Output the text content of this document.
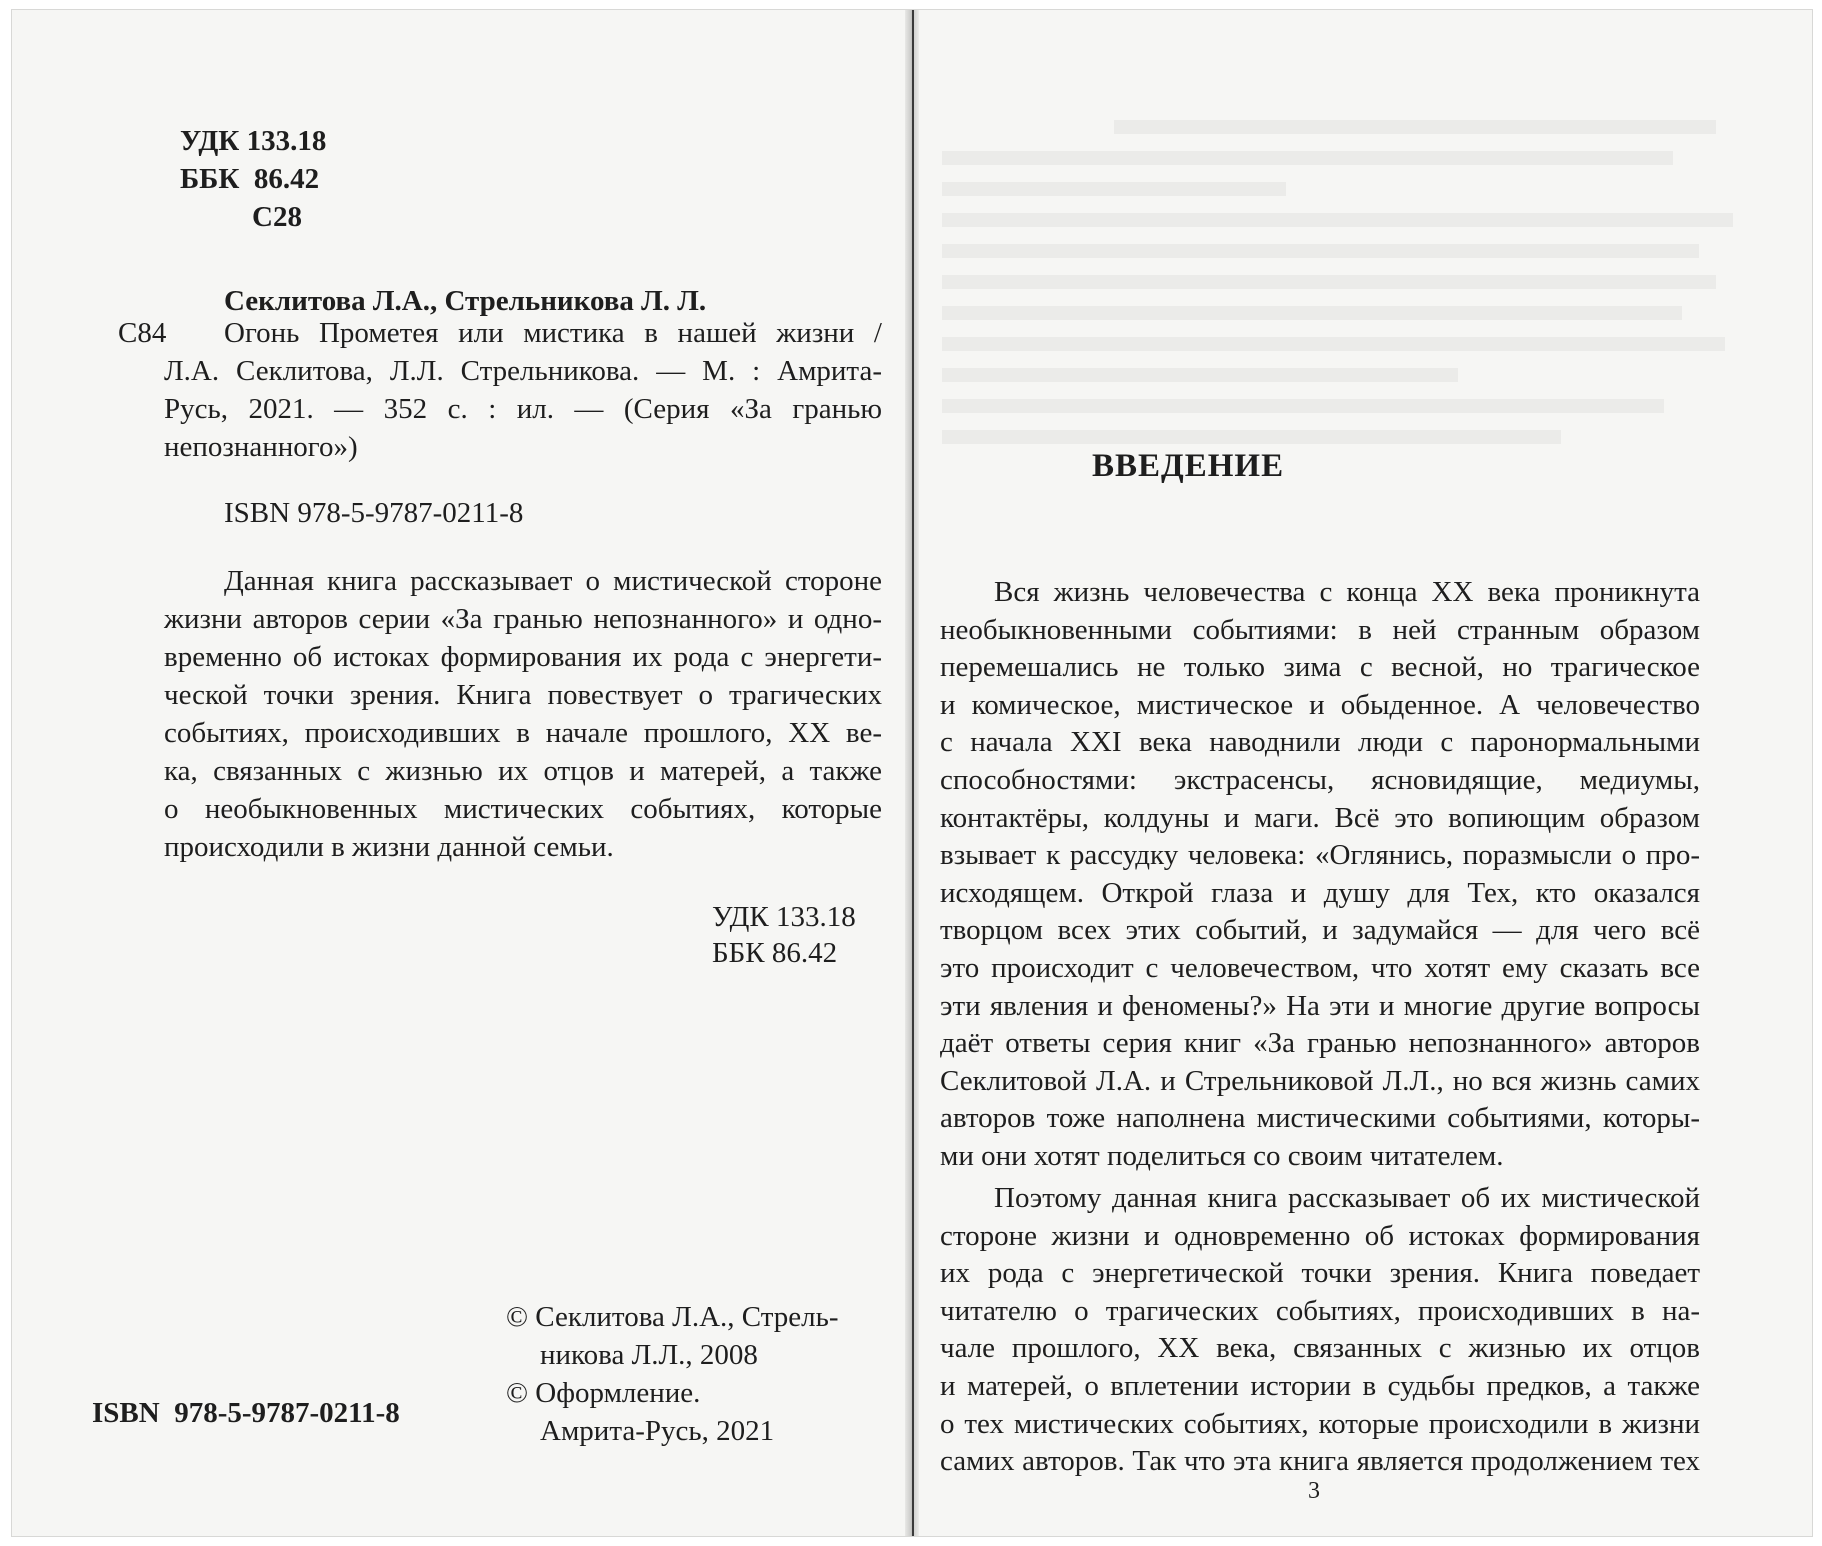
УДК 133.18
ББК  86.42
С28
Секлитова Л.А., Стрельникова Л. Л.
С84	Огонь Прометея или мистика в нашей жизни /
Л.А. Секлитова, Л.Л. Стрельникова. — М. : Амрита-
Русь, 2021. — 352 с. : ил. — (Серия «За гранью
непознанного»)
ISBN 978-5-9787-0211-8
Данная книга рассказывает о мистической стороне
жизни авторов серии «За гранью непознанного» и одно-
временно об истоках формирования их рода с энергети-
ческой точки зрения. Книга повествует о трагических
событиях, происходивших в начале прошлого, XX ве-
ка, связанных с жизнью их отцов и матерей, а также
о необыкновенных мистических событиях, которые
происходили в жизни данной семьи.
УДК 133.18
ББК 86.42
© Секлитова Л.А., Стрель-
никова Л.Л., 2008
© Оформление.
Амрита-Русь, 2021
ISBN  978-5-9787-0211-8
ВВЕДЕНИЕ
Вся жизнь человечества с конца XX века проникнута
необыкновенными событиями: в ней странным образом
перемешались не только зима с весной, но трагическое
и комическое, мистическое и обыденное. А человечество
с начала XXI века наводнили люди с паронормальными
способностями: экстрасенсы, ясновидящие, медиумы,
контактёры, колдуны и маги. Всё это вопиющим образом
взывает к рассудку человека: «Оглянись, поразмысли о про-
исходящем. Открой глаза и душу для Тех, кто оказался
творцом всех этих событий, и задумайся — для чего всё
это происходит с человечеством, что хотят ему сказать все
эти явления и феномены?» На эти и многие другие вопросы
даёт ответы серия книг «За гранью непознанного» авторов
Секлитовой Л.А. и Стрельниковой Л.Л., но вся жизнь самих
авторов тоже наполнена мистическими событиями, которы-
ми они хотят поделиться со своим читателем.
Поэтому данная книга рассказывает об их мистической
стороне жизни и одновременно об истоках формирования
их рода с энергетической точки зрения. Книга поведает
читателю о трагических событиях, происходивших в на-
чале прошлого, XX века, связанных с жизнью их отцов
и матерей, о вплетении истории в судьбы предков, а также
о тех мистических событиях, которые происходили в жизни
самих авторов. Так что эта книга является продолжением тех
3
